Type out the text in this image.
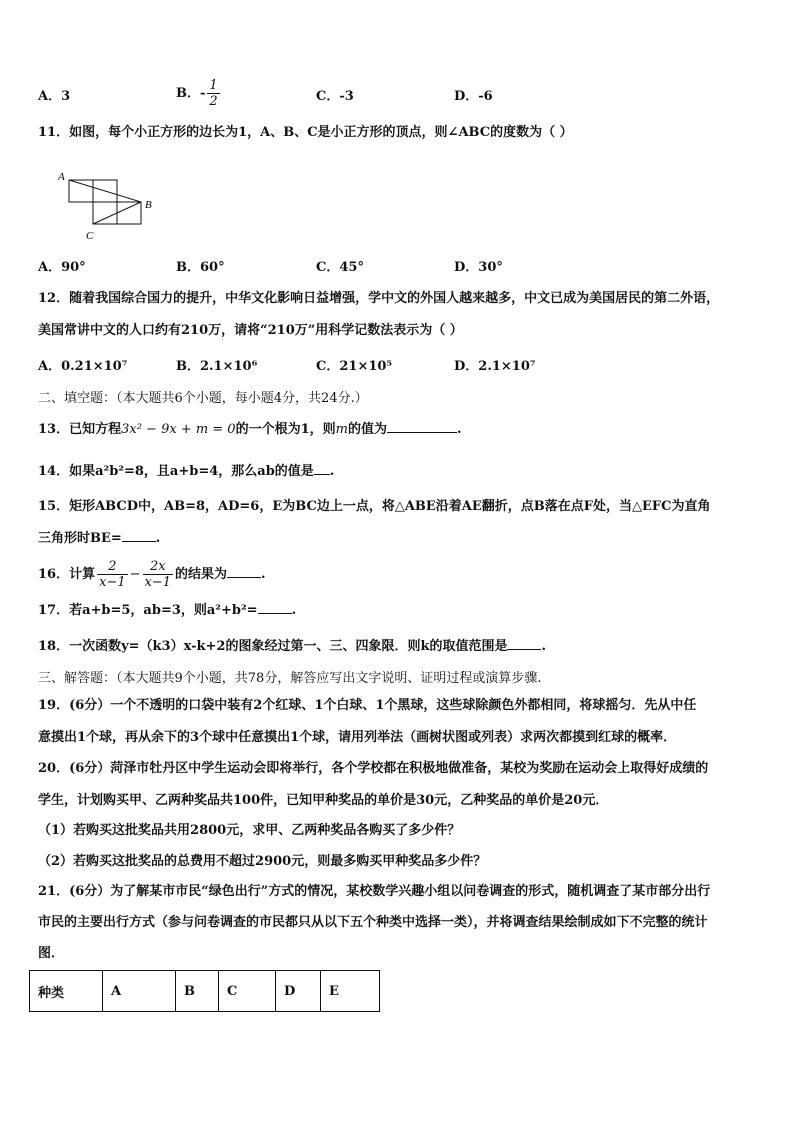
A．3	B．- $\frac{1}{2}$	C．-3	D．-6
11．如图，每个小正方形的边长为1，A、B、C是小正方形的顶点，则∠ABC的度数为（ ）
A
B
C
A．90°	B．60°	C．45°	D．30°
12．随着我国综合国力的提升，中华文化影响日益增强，学中文的外国人越来越多，中文已成为美国居民的第二外语，
美国常讲中文的人口约有210万，请将“210万”用科学记数法表示为（ ）
A．0.21×10⁷	B．2.1×10⁶	C．21×10⁵	D．2.1×10⁷
二、填空题：（本大题共6个小题，每小题4分，共24分.）
13．已知方程3x² − 9x + m = 0的一个根为1，则m的值为	.
14．如果a²b²=8，且a+b=4，那么ab的值是 .
15．矩形ABCD中，AB=8，AD=6，E为BC边上一点，将△ABE沿着AE翻折，点B落在点F处，当△EFC为直角
三角形时BE=	.
16．计算 $\frac{2}{x-1} - \frac{2x}{x-1}$ 的结果为	.
17．若a+b=5，ab=3，则a²+b²=	.
18．一次函数y=（k3）x-k+2的图象经过第一、三、四象限．则k的取值范围是	.
三、解答题：（本大题共9个小题，共78分，解答应写出文字说明、证明过程或演算步骤.
19．(6分）一个不透明的口袋中装有2个红球、1个白球、1个黑球，这些球除颜色外都相同，将球摇匀．先从中任
意摸出1个球，再从余下的3个球中任意摸出1个球，请用列举法（画树状图或列表）求两次都摸到红球的概率．
20．(6分）菏泽市牡丹区中学生运动会即将举行，各个学校都在积极地做准备，某校为奖励在运动会上取得好成绩的
学生，计划购买甲、乙两种奖品共100件，已知甲种奖品的单价是30元，乙种奖品的单价是20元．
（1）若购买这批奖品共用2800元，求甲、乙两种奖品各购买了多少件？
（2）若购买这批奖品的总费用不超过2900元，则最多购买甲种奖品多少件？
21．(6分）为了解某市市民“绿色出行”方式的情况，某校数学兴趣小组以问卷调查的形式，随机调查了某市部分出行
市民的主要出行方式（参与问卷调查的市民都只从以下五个种类中选择一类），并将调查结果绘制成如下不完整的统计
图．
种类	A	B	C	D	E
